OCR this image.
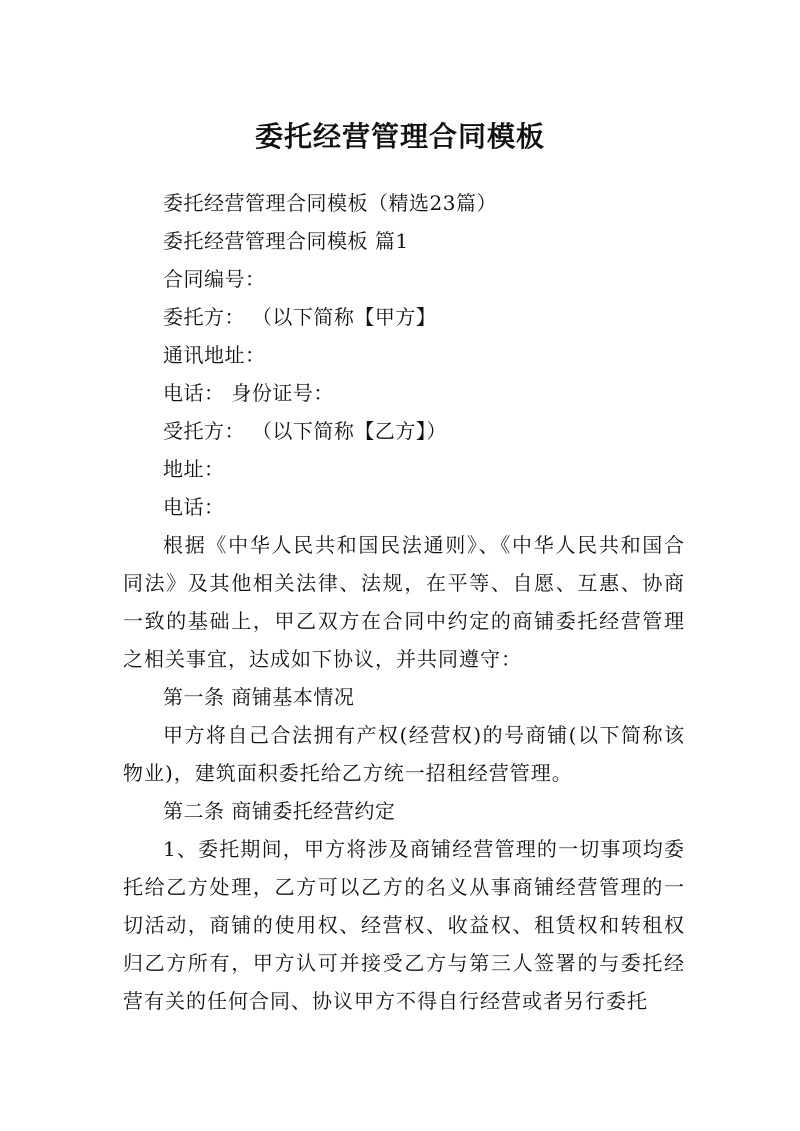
委托经营管理合同模板

委托经营管理合同模板（精选23篇）

委托经营管理合同模板 篇1

合同编号：

委托方： （以下简称【甲方】

通讯地址：

电话： 身份证号：

受托方： （以下简称【乙方】）

地址：

电话：

根据《中华人民共和国民法通则》、《中华人民共和国合同法》及其他相关法律、法规，在平等、自愿、互惠、协商一致的基础上，甲乙双方在合同中约定的商铺委托经营管理之相关事宜，达成如下协议，并共同遵守：

第一条 商铺基本情况

甲方将自己合法拥有产权(经营权)的号商铺(以下简称该物业)，建筑面积委托给乙方统一招租经营管理。

第二条 商铺委托经营约定

1、委托期间，甲方将涉及商铺经营管理的一切事项均委托给乙方处理，乙方可以乙方的名义从事商铺经营管理的一切活动，商铺的使用权、经营权、收益权、租赁权和转租权归乙方所有，甲方认可并接受乙方与第三人签署的与委托经营有关的任何合同、协议甲方不得自行经营或者另行委托
